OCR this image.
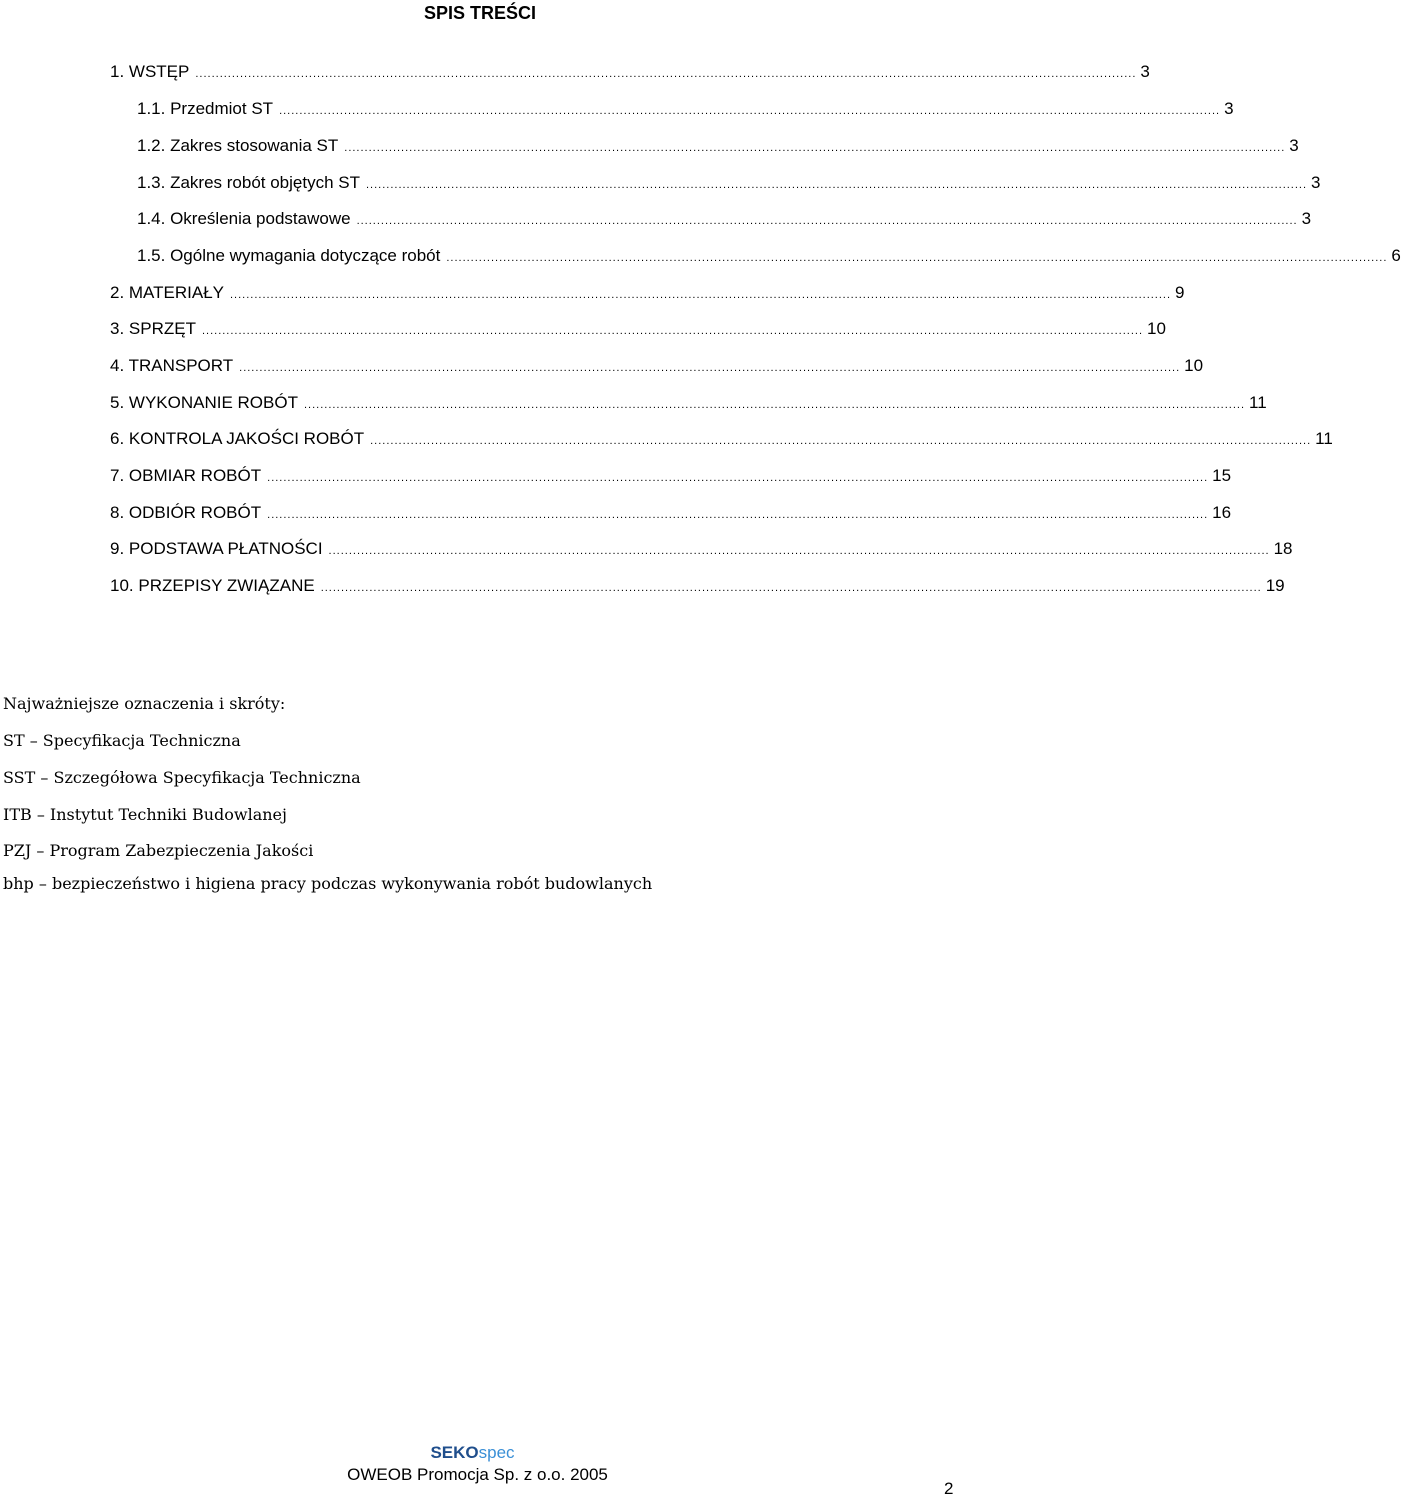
SPIS TREŚCI
1. WSTĘP ........................................................................................................................................................................................................................................ 3
1.1. Przedmiot ST ........................................................................................................................................................................................................................................ 3
1.2. Zakres stosowania ST ........................................................................................................................................................................................................................................ 3
1.3. Zakres robót objętych ST ........................................................................................................................................................................................................................................ 3
1.4. Określenia podstawowe ........................................................................................................................................................................................................................................ 3
1.5. Ogólne wymagania dotyczące robót ........................................................................................................................................................................................................................................ 6
2. MATERIAŁY ........................................................................................................................................................................................................................................ 9
3. SPRZĘT ........................................................................................................................................................................................................................................ 10
4. TRANSPORT ........................................................................................................................................................................................................................................ 10
5. WYKONANIE ROBÓT ........................................................................................................................................................................................................................................ 11
6. KONTROLA JAKOŚCI ROBÓT ........................................................................................................................................................................................................................................ 11
7. OBMIAR ROBÓT ........................................................................................................................................................................................................................................ 15
8. ODBIÓR ROBÓT ........................................................................................................................................................................................................................................ 16
9. PODSTAWA PŁATNOŚCI ........................................................................................................................................................................................................................................ 18
10. PRZEPISY ZWIĄZANE ........................................................................................................................................................................................................................................ 19
Najważniejsze oznaczenia i skróty:
ST – Specyfikacja Techniczna
SST – Szczegółowa Specyfikacja Techniczna
ITB – Instytut Techniki Budowlanej
PZJ – Program Zabezpieczenia Jakości
bhp – bezpieczeństwo i higiena pracy podczas wykonywania robót budowlanych
SEKOspec
OWEOB Promocja Sp. z o.o. 2005
2
